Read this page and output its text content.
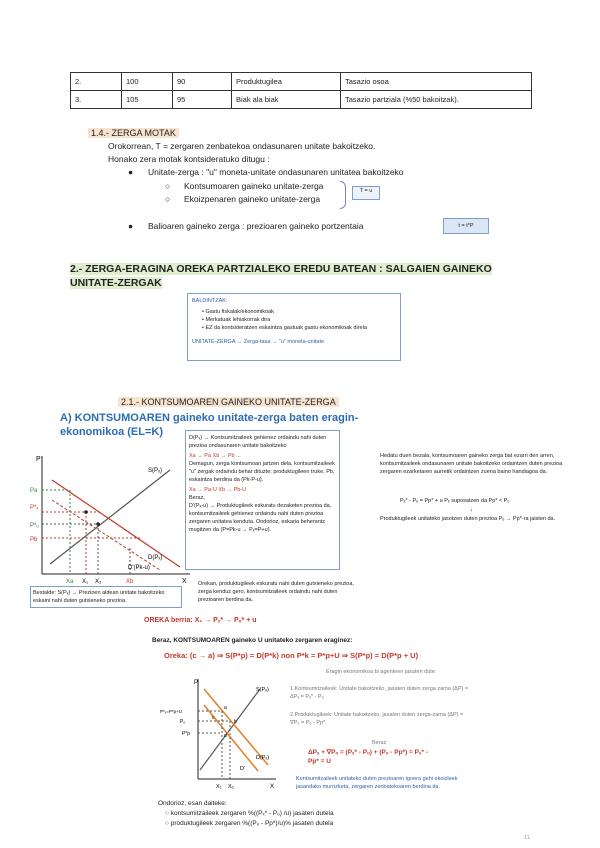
2.	100	90	Produktugilea	Tasazio osoa
3.	105	95	Biak ala biak	Tasazio partziala (%50 bakoitzak).
1.4.- ZERGA MOTAK
Orokorrean, T = zergaren zenbatekoa ondasunaren unitate bakoitzeko.
Honako zera motak kontsideratuko ditugu :
● Unitate-zerga : "u" moneta-unitate ondasunaren unitatea bakoitzeko
○ Kontsumoaren gaineko unitate-zerga
○ Ekoizpenaren gaineko unitate-zerga
T = u
● Balioaren gaineko zerga : prezioaren gaineko portzentaia	t = t*P
2.- ZERGA-ERAGINA OREKA PARTZIALEKO EREDU BATEAN : SALGAIEN GAINEKO UNITATE-ZERGAK
BALDINTZAK:
• Gastu fiskalak/ekonomikoak
• Merkatuak lehiakorrak dira
• EZ da kontsideratzen eskaintza gastuak gastu ekonomikoak direla
UNITATE-ZERGA → Zerga-tasa → "u" moneta-unitate
2.1.- KONTSUMOAREN GAINEKO UNITATE-ZERGA
A) KONTSUMOAREN gaineko unitate-zerga baten eragin-ekonomikoa (EL=K)
P
X
S(Pₓ)
D(Pₓ)
D'(Pk-u)
Pa
P*ₓ
P*ₒ
Pb
Xa X₁ X₂	Xb
D(Pₓ) → Kontsumitzaileek gehienez ordaindu nahi duten prezioa ondasunaren unitate bakoitzeko
Xa → Pa Xb → Pb ...
Demagun, zerga kontsumoan jartzen dela, kontsumitzaileek "u" zergak ordaindu behar dituzte; produktugileen truke, Pb, eskaintza berdina da (Pk-P-u).
Xa → Pa-U Xb → Pb-U
Beraz,
D'(Pₓ-u) → Produktugileek eskuratu dezaketen prezioa da, kontsumitzaileek gehienez ordaindu nahi duten prezioa zergaren unitatea kenduta. Ondorioz, eskaria beherantz mugitzen da (P=Pk-u → Pₓ=P+u).
Bestalde: S(Pₓ) → Prezioen aldean unitate bakoitzeko eskaini nahi duten gutxieneko prezioa.
Orekan, produktugileek eskuratu nahi duten gutxieneko prezioa, zerga kenduz gero, kontsumitzaileek ordaindu nahi duten prezioaren berdina da.
OREKA berria: X₁ → Pₓ* → Pₒ* + u
Hedatu duen bezala, kontsumoaren gaineko zerga bat ezarri den arren, kontsumitzaileek ondasunaren unitate bakoitzeko ordaintzen duten prezioa zergaren ezarketaren aurretik ordaintzen zuena baino handiagoa da.
Pₓ* - Pₒ = Pp* + u Pₓ suposatzen da Pp* < Pₒ
↓
Produktugileek unitateko jasotzen duten prezioa Pₒ → Pp*-ra jaisten da.
Beraz, KONTSUMOAREN gaineko U unitateko zergaren eraginez:
Oreka: (c → a) ⇒ S(P*p) = D(P*k) non P*k = P*p+U ⇒ S(P*p) = D(P*p + U)
Eragin ekonomikoa bi agenteen jasaten dute:
P
X
S(Pₓ)
D(Pₓ)
D'
P*ₓ=P*p+U
Pₒ
P*p
X₁ Xₒ
a
b
c
d
1.Kontsumitzaileek: Unitate bakoitzeko, jasaten duten zerga zama (ΔP) = ΔPₓ = Pₓ* - Pₒ
2.Produktugileek: Unitate bakoitzeko, jasaten duten zerga-zama (ΔP) = ∇Pₒ = Pₒ - Pp*
Beraz
ΔPₓ + ∇Pₒ = (Pₓ* - Pₒ) + (Pₒ - Pp*) = Pₓ* - Pp* = U
Kontsumitzaileek unitateko duten prezioaren igoera gehi ekoizleek jasandako murrizketa, zergaren zenbatekoaren berdina da.
Ondorioz, esan daiteke:
○ kontsumitzaileek zergaren %((Pₓ* - Pₒ) /u) jasaten dutela
○ produktugileek zergaren %((Pₒ - Pp*)/u)% jasaten dutela
11
